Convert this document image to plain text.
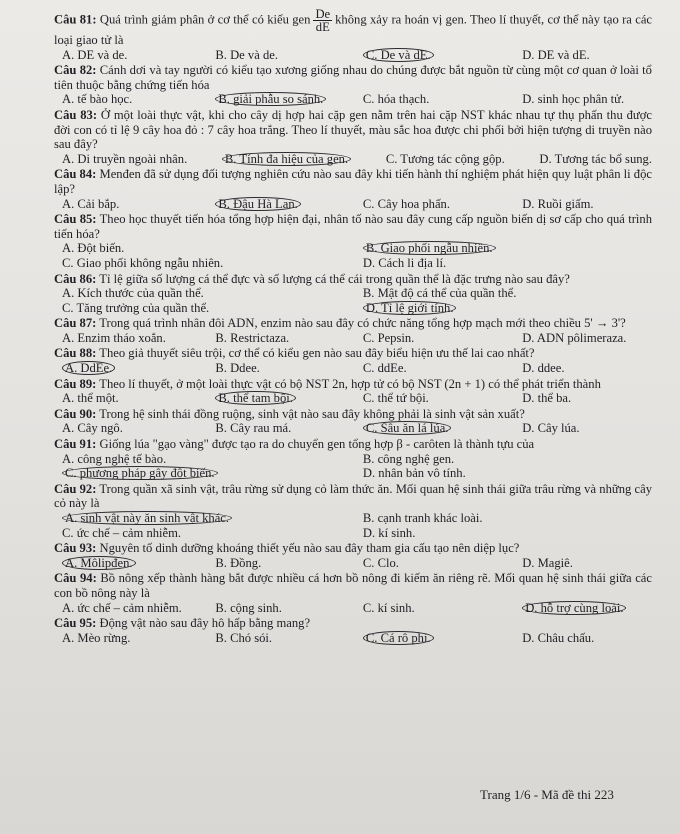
Câu 81: Quá trình giảm phân ở cơ thể có kiểu gen $\frac{De}{dE}$ không xảy ra hoán vị gen. Theo lí thuyết, cơ thể này tạo ra các loại giao tử là
A. DE và de.	B. De và de.	C. De và dE.	D. DE và dE.
Câu 82: Cánh dơi và tay người có kiểu tạo xương giống nhau do chúng được bắt nguồn từ cùng một cơ quan ở loài tổ tiên thuộc bằng chứng tiến hóa
A. tế bào học.	B. giải phẫu so sánh.	C. hóa thạch.	D. sinh học phân tử.
Câu 83: Ở một loài thực vật, khi cho cây dị hợp hai cặp gen nằm trên hai cặp NST khác nhau tự thụ phấn thu được đời con có tỉ lệ 9 cây hoa đỏ : 7 cây hoa trắng. Theo lí thuyết, màu sắc hoa được chi phối bởi hiện tượng di truyền nào sau đây?
A. Di truyền ngoài nhân.	B. Tính đa hiệu của gen.	C. Tương tác cộng gộp.	D. Tương tác bổ sung.
Câu 84: Menđen đã sử dụng đối tượng nghiên cứu nào sau đây khi tiến hành thí nghiệm phát hiện quy luật phân li độc lập?
A. Cải bắp.	B. Đậu Hà Lan.	C. Cây hoa phấn.	D. Ruồi giấm.
Câu 85: Theo học thuyết tiến hóa tổng hợp hiện đại, nhân tố nào sau đây cung cấp nguồn biến dị sơ cấp cho quá trình tiến hóa?
A. Đột biến.	B. Giao phối ngẫu nhiên.
C. Giao phối không ngẫu nhiên.	D. Cách li địa lí.
Câu 86: Tỉ lệ giữa số lượng cá thể đực và số lượng cá thể cái trong quần thể là đặc trưng nào sau đây?
A. Kích thước của quần thể.	B. Mật độ cá thể của quần thể.
C. Tăng trưởng của quần thể.	D. Tỉ lệ giới tính.
Câu 87: Trong quá trình nhân đôi ADN, enzim nào sau đây có chức năng tổng hợp mạch mới theo chiều 5' → 3'?
A. Enzim tháo xoắn.	B. Restrictaza.	C. Pepsin.	D. ADN pôlimeraza.
Câu 88: Theo giả thuyết siêu trội, cơ thể có kiểu gen nào sau đây biểu hiện ưu thế lai cao nhất?
A. DdEe.	B. Ddee.	C. ddEe.	D. ddee.
Câu 89: Theo lí thuyết, ở một loài thực vật có bộ NST 2n, hợp tử có bộ NST (2n + 1) có thể phát triển thành
A. thể một.	B. thể tam bội.	C. thể tứ bội.	D. thể ba.
Câu 90: Trong hệ sinh thái đồng ruộng, sinh vật nào sau đây không phải là sinh vật sản xuất?
A. Cây ngô.	B. Cây rau má.	C. Sâu ăn lá lúa.	D. Cây lúa.
Câu 91: Giống lúa "gạo vàng" được tạo ra do chuyển gen tổng hợp β - carôten là thành tựu của
A. công nghệ tế bào.	B. công nghệ gen.
C. phương pháp gây đột biến.	D. nhân bản vô tính.
Câu 92: Trong quần xã sinh vật, trâu rừng sử dụng cỏ làm thức ăn. Mối quan hệ sinh thái giữa trâu rừng và những cây cỏ này là
A. sinh vật này ăn sinh vật khác.	B. cạnh tranh khác loài.
C. ức chế – cảm nhiễm.	D. kí sinh.
Câu 93: Nguyên tố dinh dưỡng khoáng thiết yếu nào sau đây tham gia cấu tạo nên diệp lục?
A. Môlipđen.	B. Đồng.	C. Clo.	D. Magiê.
Câu 94: Bồ nông xếp thành hàng bắt được nhiều cá hơn bồ nông đi kiếm ăn riêng rẽ. Mối quan hệ sinh thái giữa các con bồ nông này là
A. ức chế – cảm nhiễm.	B. cộng sinh.	C. kí sinh.	D. hỗ trợ cùng loài.
Câu 95: Động vật nào sau đây hô hấp bằng mang?
A. Mèo rừng.	B. Chó sói.	C. Cá rô phi.	D. Châu chấu.
Trang 1/6 - Mã đề thi 223
